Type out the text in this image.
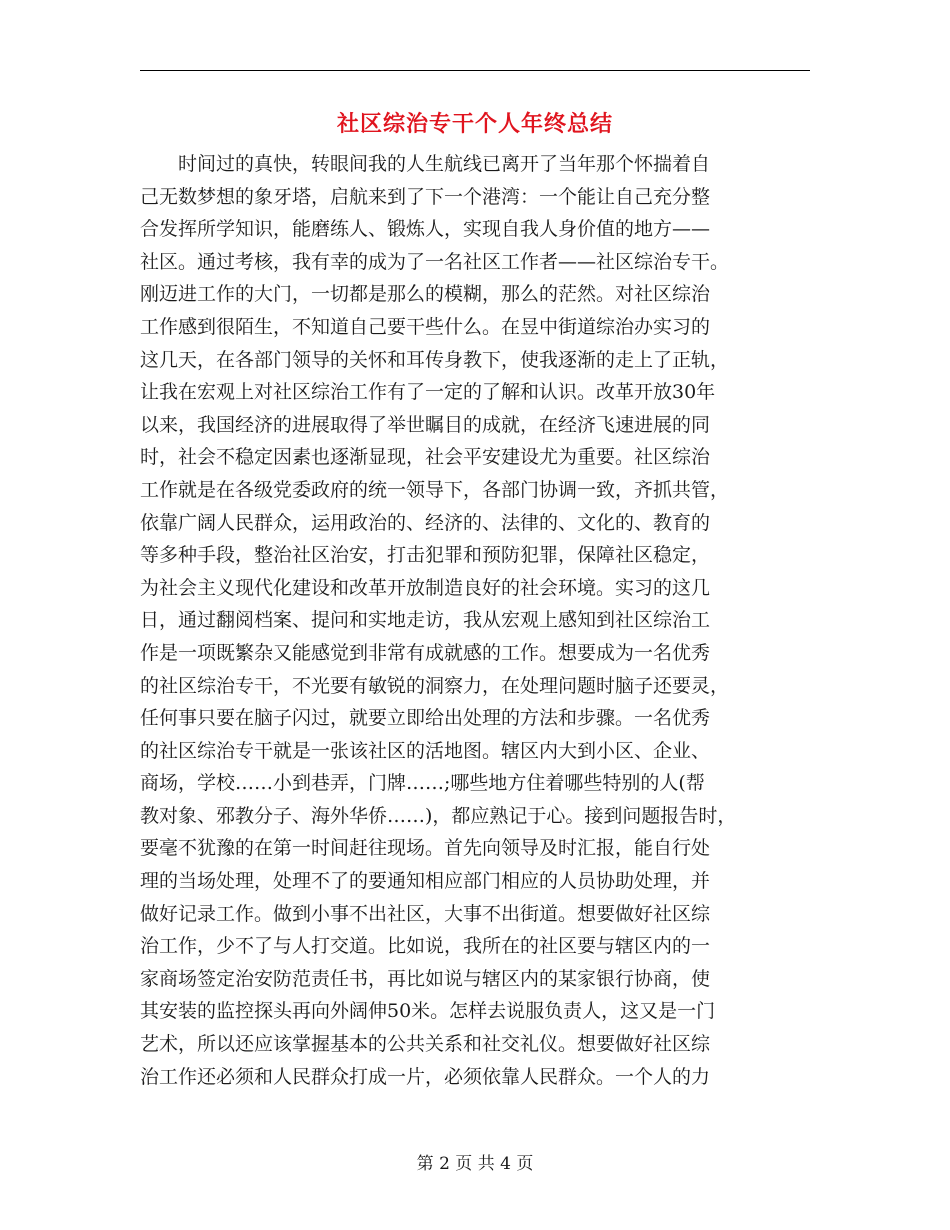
社区综治专干个人年终总结
时间过的真快，转眼间我的人生航线已离开了当年那个怀揣着自
己无数梦想的象牙塔，启航来到了下一个港湾：一个能让自己充分整
合发挥所学知识，能磨练人、锻炼人，实现自我人身价值的地方——
社区。通过考核，我有幸的成为了一名社区工作者——社区综治专干。
刚迈进工作的大门，一切都是那么的模糊，那么的茫然。对社区综治
工作感到很陌生，不知道自己要干些什么。在昱中街道综治办实习的
这几天，在各部门领导的关怀和耳传身教下，使我逐渐的走上了正轨，
让我在宏观上对社区综治工作有了一定的了解和认识。改革开放30年
以来，我国经济的进展取得了举世瞩目的成就，在经济飞速进展的同
时，社会不稳定因素也逐渐显现，社会平安建设尤为重要。社区综治
工作就是在各级党委政府的统一领导下，各部门协调一致，齐抓共管，
依靠广阔人民群众，运用政治的、经济的、法律的、文化的、教育的
等多种手段，整治社区治安，打击犯罪和预防犯罪，保障社区稳定，
为社会主义现代化建设和改革开放制造良好的社会环境。实习的这几
日，通过翻阅档案、提问和实地走访，我从宏观上感知到社区综治工
作是一项既繁杂又能感觉到非常有成就感的工作。想要成为一名优秀
的社区综治专干，不光要有敏锐的洞察力，在处理问题时脑子还要灵，
任何事只要在脑子闪过，就要立即给出处理的方法和步骤。一名优秀
的社区综治专干就是一张该社区的活地图。辖区内大到小区、企业、
商场，学校……小到巷弄，门牌……;哪些地方住着哪些特别的人(帮
教对象、邪教分子、海外华侨……)，都应熟记于心。接到问题报告时，
要毫不犹豫的在第一时间赶往现场。首先向领导及时汇报，能自行处
理的当场处理，处理不了的要通知相应部门相应的人员协助处理，并
做好记录工作。做到小事不出社区，大事不出街道。想要做好社区综
治工作，少不了与人打交道。比如说，我所在的社区要与辖区内的一
家商场签定治安防范责任书，再比如说与辖区内的某家银行协商，使
其安装的监控探头再向外阔伸50米。怎样去说服负责人，这又是一门
艺术，所以还应该掌握基本的公共关系和社交礼仪。想要做好社区综
治工作还必须和人民群众打成一片，必须依靠人民群众。一个人的力
第 2 页 共 4 页
